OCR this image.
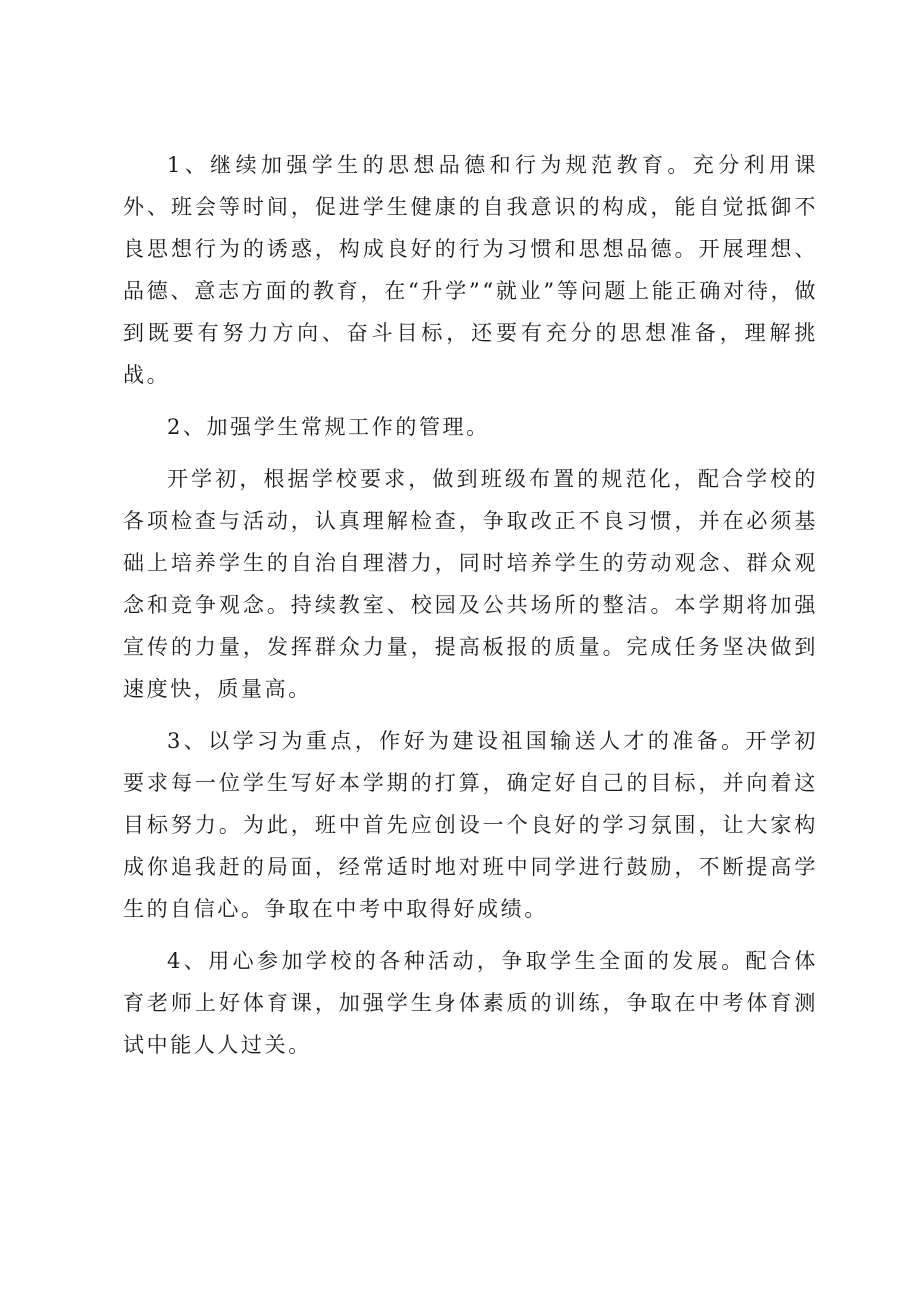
1、继续加强学生的思想品德和行为规范教育。充分利用课外、班会等时间，促进学生健康的自我意识的构成，能自觉抵御不良思想行为的诱惑，构成良好的行为习惯和思想品德。开展理想、品德、意志方面的教育，在“升学”“就业”等问题上能正确对待，做到既要有努力方向、奋斗目标，还要有充分的思想准备，理解挑战。

2、加强学生常规工作的管理。

开学初，根据学校要求，做到班级布置的规范化，配合学校的各项检查与活动，认真理解检查，争取改正不良习惯，并在必须基础上培养学生的自治自理潜力，同时培养学生的劳动观念、群众观念和竞争观念。持续教室、校园及公共场所的整洁。本学期将加强宣传的力量，发挥群众力量，提高板报的质量。完成任务坚决做到速度快，质量高。

3、以学习为重点，作好为建设祖国输送人才的准备。开学初要求每一位学生写好本学期的打算，确定好自己的目标，并向着这目标努力。为此，班中首先应创设一个良好的学习氛围，让大家构成你追我赶的局面，经常适时地对班中同学进行鼓励，不断提高学生的自信心。争取在中考中取得好成绩。

4、用心参加学校的各种活动，争取学生全面的发展。配合体育老师上好体育课，加强学生身体素质的训练，争取在中考体育测试中能人人过关。
